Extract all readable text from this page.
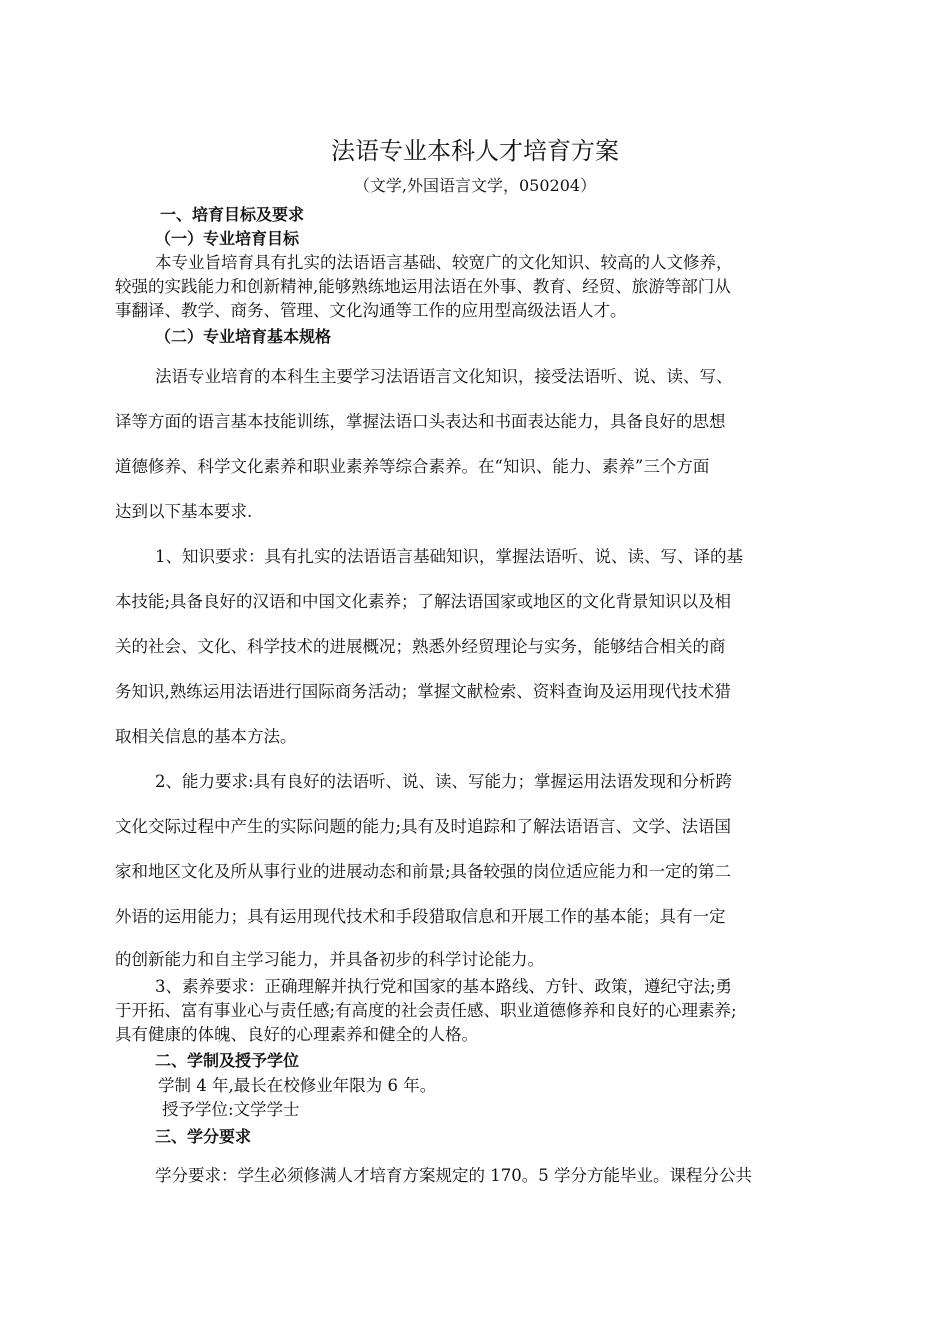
法语专业本科人才培育方案
（文学,外国语言文学，050204）
一、培育目标及要求
（一）专业培育目标
本专业旨培育具有扎实的法语语言基础、较宽广的文化知识、较高的人文修养，
较强的实践能力和创新精神,能够熟练地运用法语在外事、教育、经贸、旅游等部门从
事翻译、教学、商务、管理、文化沟通等工作的应用型高级法语人才。
（二）专业培育基本规格
法语专业培育的本科生主要学习法语语言文化知识，接受法语听、说、读、写、
译等方面的语言基本技能训练，掌握法语口头表达和书面表达能力，具备良好的思想
道德修养、科学文化素养和职业素养等综合素养。在“知识、能力、素养”三个方面
达到以下基本要求.
1、知识要求：具有扎实的法语语言基础知识，掌握法语听、说、读、写、译的基
本技能;具备良好的汉语和中国文化素养；了解法语国家或地区的文化背景知识以及相
关的社会、文化、科学技术的进展概况；熟悉外经贸理论与实务，能够结合相关的商
务知识,熟练运用法语进行国际商务活动；掌握文献检索、资料查询及运用现代技术猎
取相关信息的基本方法。
2、能力要求:具有良好的法语听、说、读、写能力；掌握运用法语发现和分析跨
文化交际过程中产生的实际问题的能力;具有及时追踪和了解法语语言、文学、法语国
家和地区文化及所从事行业的进展动态和前景;具备较强的岗位适应能力和一定的第二
外语的运用能力；具有运用现代技术和手段猎取信息和开展工作的基本能；具有一定
的创新能力和自主学习能力，并具备初步的科学讨论能力。
3、素养要求：正确理解并执行党和国家的基本路线、方针、政策，遵纪守法;勇
于开拓、富有事业心与责任感;有高度的社会责任感、职业道德修养和良好的心理素养;
具有健康的体魄、良好的心理素养和健全的人格。
二、学制及授予学位
学制 4 年,最长在校修业年限为 6 年。
授予学位:文学学士
三、学分要求
学分要求：学生必须修满人才培育方案规定的 170。5 学分方能毕业。课程分公共
